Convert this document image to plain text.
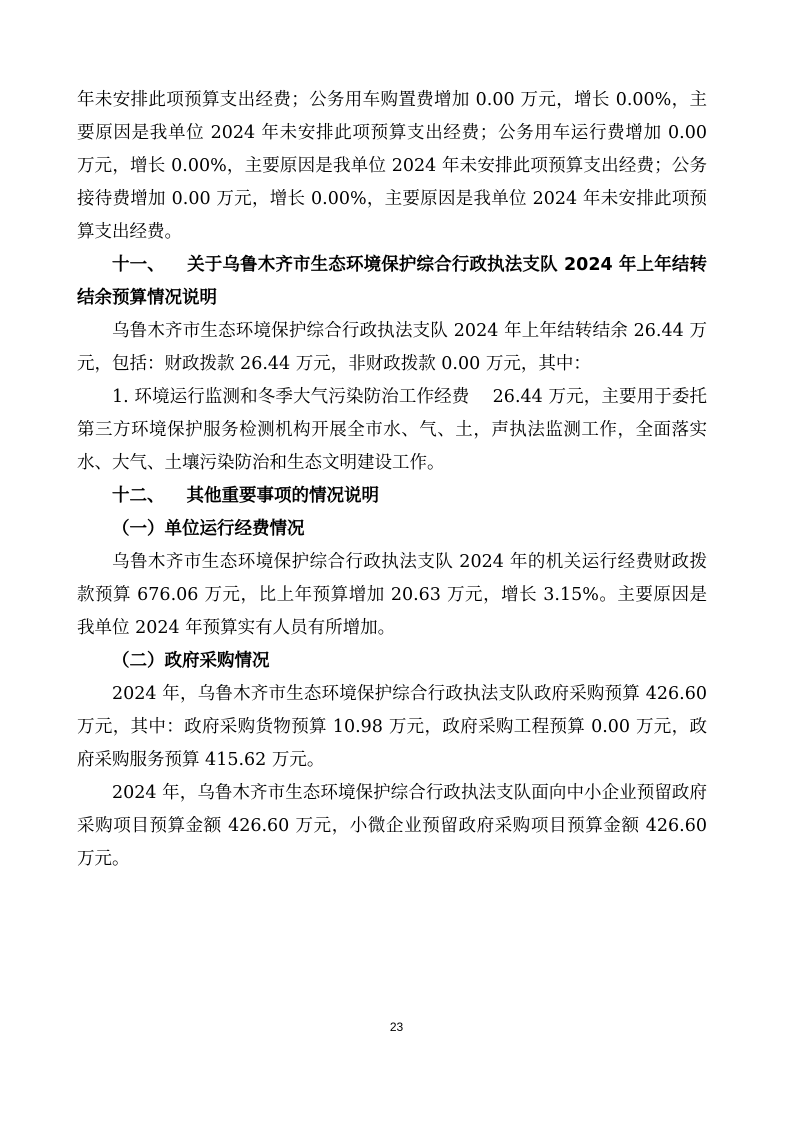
年未安排此项预算支出经费；公务用车购置费增加 0.00 万元，增长 0.00%，主要原因是我单位 2024 年未安排此项预算支出经费；公务用车运行费增加 0.00 万元，增长 0.00%，主要原因是我单位 2024 年未安排此项预算支出经费；公务接待费增加 0.00 万元，增长 0.00%，主要原因是我单位 2024 年未安排此项预算支出经费。

十一、 关于乌鲁木齐市生态环境保护综合行政执法支队 2024 年上年结转结余预算情况说明

乌鲁木齐市生态环境保护综合行政执法支队 2024 年上年结转结余 26.44 万元，包括：财政拨款 26.44 万元，非财政拨款 0.00 万元，其中：

1. 环境运行监测和冬季大气污染防治工作经费　 26.44 万元，主要用于委托第三方环境保护服务检测机构开展全市水、气、土，声执法监测工作，全面落实水、大气、土壤污染防治和生态文明建设工作。

十二、 其他重要事项的情况说明

（一）单位运行经费情况

乌鲁木齐市生态环境保护综合行政执法支队 2024 年的机关运行经费财政拨款预算 676.06 万元，比上年预算增加 20.63 万元，增长 3.15%。主要原因是我单位 2024 年预算实有人员有所增加。

（二）政府采购情况

2024 年，乌鲁木齐市生态环境保护综合行政执法支队政府采购预算 426.60 万元，其中：政府采购货物预算 10.98 万元，政府采购工程预算 0.00 万元，政府采购服务预算 415.62 万元。

2024 年，乌鲁木齐市生态环境保护综合行政执法支队面向中小企业预留政府采购项目预算金额 426.60 万元，小微企业预留政府采购项目预算金额 426.60 万元。

23
